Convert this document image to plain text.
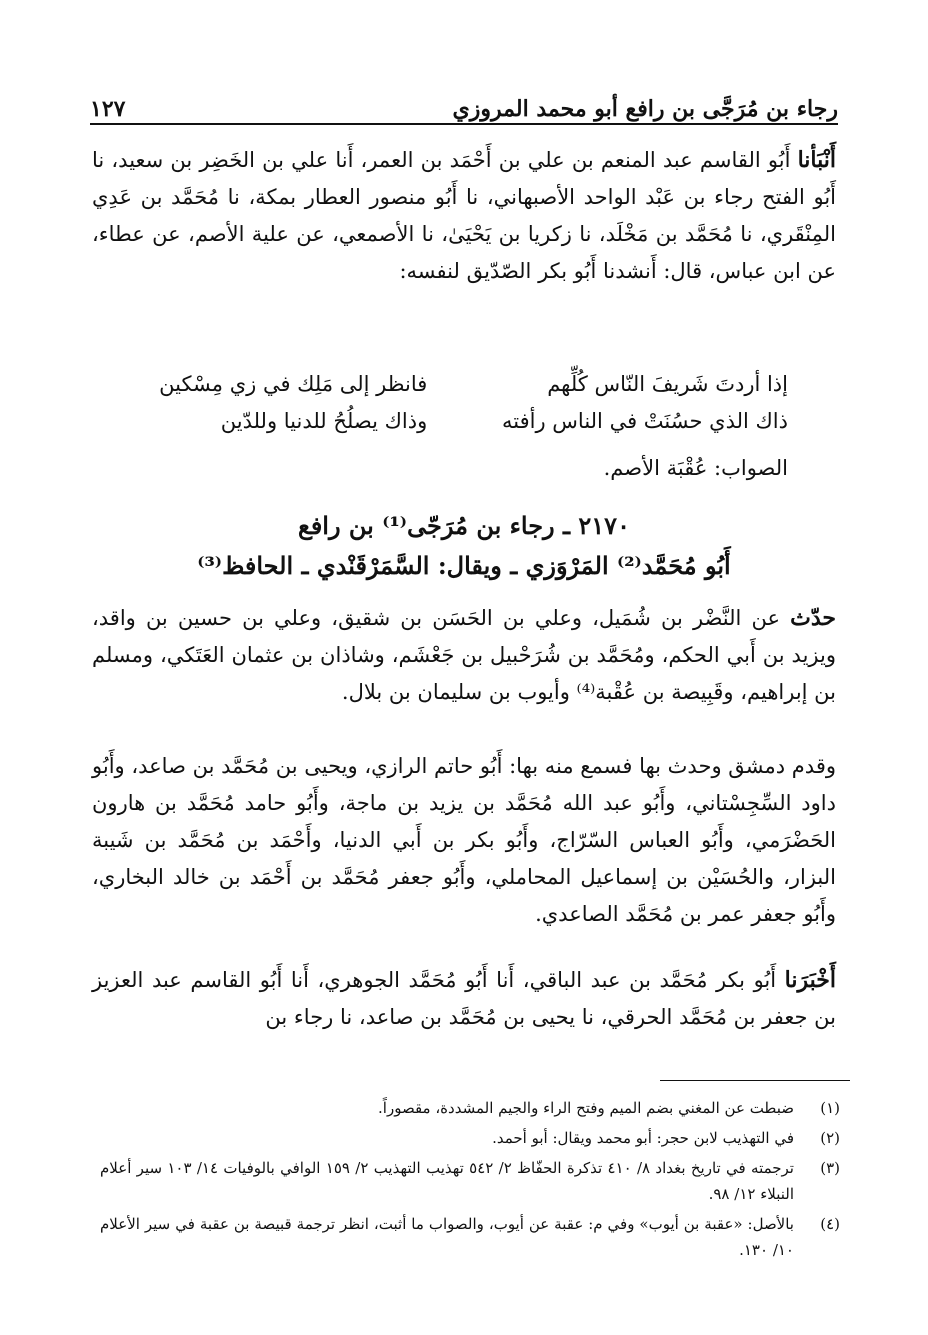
رجاء بن مُرَجَّى بن رافع أبو محمد المروزي
١٢٧
أَنْبَأنا أَبُو القاسم عبد المنعم بن علي بن أَحْمَد بن العمر، أَنا علي بن الخَضِر بن سعيد، نا أَبُو الفتح رجاء بن عَبْد الواحد الأصبهاني، نا أَبُو منصور العطار بمكة، نا مُحَمَّد بن عَدِي المِنْقَري، نا مُحَمَّد بن مَخْلَد، نا زكريا بن يَحْيَىٰ، نا الأصمعي، عن علية الأصم، عن عطاء، عن ابن عباس، قال: أَنشدنا أَبُو بكر الصّدّيق لنفسه:
إذا أردتَ شَريفَ النّاس كُلِّهم
فانظر إلى مَلِك في زي مِسْكين
ذاك الذي حسُنَتْ في الناس رأفته
وذاك يصلُحُ للدنيا وللدّين
الصواب: عُقْبَة الأصم.
٢١٧٠ ـ رجاء بن مُرَجّى⁽¹⁾ بن رافع
أَبُو مُحَمَّد⁽²⁾ المَرْوَزي ـ ويقال: السَّمَرْقَنْدي ـ الحافظ⁽³⁾
حدّث عن النَّضْر بن شُمَيل، وعلي بن الحَسَن بن شقيق، وعلي بن حسين بن واقد، ويزيد بن أَبي الحكم، ومُحَمَّد بن شُرَحْبيل بن جَعْشَم، وشاذان بن عثمان العَتَكي، ومسلم بن إبراهيم، وقَبِيصة بن عُقْبة⁽⁴⁾ وأيوب بن سليمان بن بلال.
وقدم دمشق وحدث بها فسمع منه بها: أَبُو حاتم الرازي، ويحيى بن مُحَمَّد بن صاعد، وأَبُو داود السِّجِسْتاني، وأَبُو عبد الله مُحَمَّد بن يزيد بن ماجة، وأَبُو حامد مُحَمَّد بن هارون الحَضْرَمي، وأَبُو العباس السّرّاج، وأَبُو بكر بن أَبي الدنيا، وأَحْمَد بن مُحَمَّد بن شَيبة البزار، والحُسَيْن بن إسماعيل المحاملي، وأَبُو جعفر مُحَمَّد بن أَحْمَد بن خالد البخاري، وأَبُو جعفر عمر بن مُحَمَّد الصاعدي.
أَخْبَرَنا أَبُو بكر مُحَمَّد بن عبد الباقي، أَنا أَبُو مُحَمَّد الجوهري، أَنا أَبُو القاسم عبد العزيز بن جعفر بن مُحَمَّد الحرقي، نا يحيى بن مُحَمَّد بن صاعد، نا رجاء بن
(١)
ضبطت عن المغني بضم الميم وفتح الراء والجيم المشددة، مقصوراً.
(٢)
في التهذيب لابن حجر: أبو محمد ويقال: أبو أحمد.
(٣)
ترجمته في تاريخ بغداد ٨/ ٤١٠ تذكرة الحفّاظ ٢/ ٥٤٢ تهذيب التهذيب ٢/ ١٥٩ الوافي بالوفيات ١٤/ ١٠٣ سير أعلام النبلاء ١٢/ ٩٨.
(٤)
بالأصل: «عقبة بن أيوب» وفي م: عقبة عن أيوب، والصواب ما أثبت، انظر ترجمة قبيصة بن عقبة في سير الأعلام ١٠/ ١٣٠.
